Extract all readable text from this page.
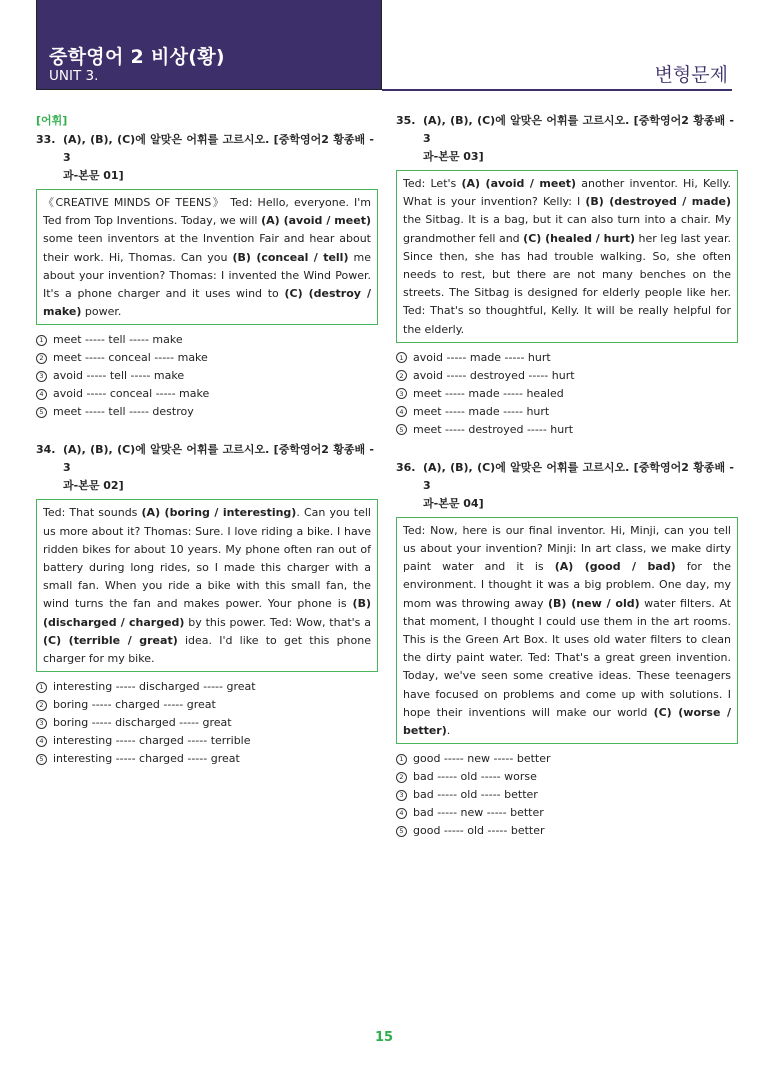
중학영어 2 비상(황)
UNIT 3.	변형문제
[어휘]
33. (A), (B), (C)에 알맞은 어휘를 고르시오. [중학영어2 황종배 - 3
과-본문 01]
《CREATIVE MINDS OF TEENS》 Ted: Hello, everyone. I'm Ted from Top Inventions. Today, we will (A) (avoid / meet) some teen inventors at the Invention Fair and hear about their work. Hi, Thomas. Can you (B) (conceal / tell) me about your invention? Thomas: I invented the Wind Power. It's a phone charger and it uses wind to (C) (destroy / make) power.
1 meet ----- tell ----- make
2 meet ----- conceal ----- make
3 avoid ----- tell ----- make
4 avoid ----- conceal ----- make
5 meet ----- tell ----- destroy
34. (A), (B), (C)에 알맞은 어휘를 고르시오. [중학영어2 황종배 - 3
과-본문 02]
Ted: That sounds (A) (boring / interesting). Can you tell us more about it? Thomas: Sure. I love riding a bike. I have ridden bikes for about 10 years. My phone often ran out of battery during long rides, so I made this charger with a small fan. When you ride a bike with this small fan, the wind turns the fan and makes power. Your phone is (B) (discharged / charged) by this power. Ted: Wow, that's a (C) (terrible / great) idea. I'd like to get this phone charger for my bike.
1 interesting ----- discharged ----- great
2 boring ----- charged ----- great
3 boring ----- discharged ----- great
4 interesting ----- charged ----- terrible
5 interesting ----- charged ----- great
35. (A), (B), (C)에 알맞은 어휘를 고르시오. [중학영어2 황종배 - 3
과-본문 03]
Ted: Let's (A) (avoid / meet) another inventor. Hi, Kelly. What is your invention? Kelly: I (B) (destroyed / made) the Sitbag. It is a bag, but it can also turn into a chair. My grandmother fell and (C) (healed / hurt) her leg last year. Since then, she has had trouble walking. So, she often needs to rest, but there are not many benches on the streets. The Sitbag is designed for elderly people like her. Ted: That's so thoughtful, Kelly. It will be really helpful for the elderly.
1 avoid ----- made ----- hurt
2 avoid ----- destroyed ----- hurt
3 meet ----- made ----- healed
4 meet ----- made ----- hurt
5 meet ----- destroyed ----- hurt
36. (A), (B), (C)에 알맞은 어휘를 고르시오. [중학영어2 황종배 - 3
과-본문 04]
Ted: Now, here is our final inventor. Hi, Minji, can you tell us about your invention? Minji: In art class, we make dirty paint water and it is (A) (good / bad) for the environment. I thought it was a big problem. One day, my mom was throwing away (B) (new / old) water filters. At that moment, I thought I could use them in the art rooms. This is the Green Art Box. It uses old water filters to clean the dirty paint water. Ted: That's a great green invention. Today, we've seen some creative ideas. These teenagers have focused on problems and come up with solutions. I hope their inventions will make our world (C) (worse / better).
1 good ----- new ----- better
2 bad ----- old ----- worse
3 bad ----- old ----- better
4 bad ----- new ----- better
5 good ----- old ----- better
15
